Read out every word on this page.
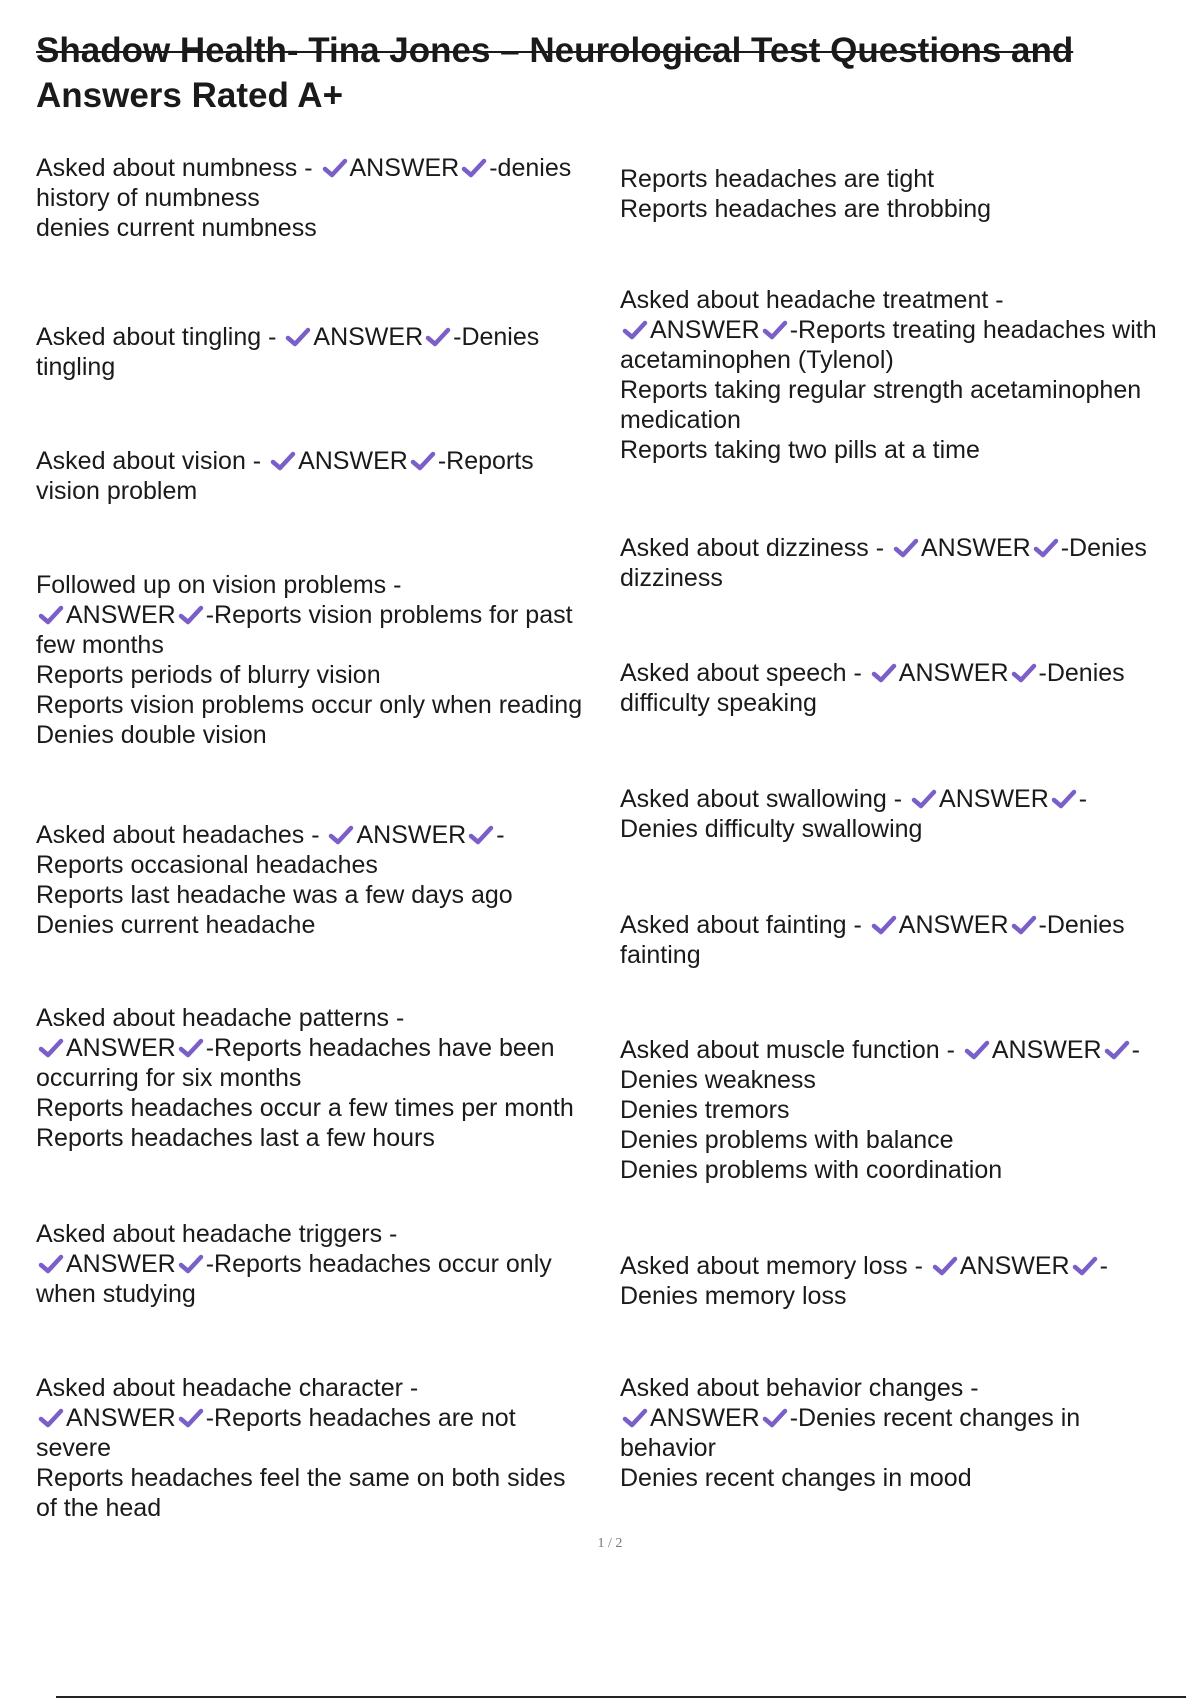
Shadow Health- Tina Jones – Neurological Test Questions and
Answers Rated A+
Asked about numbness -
ANSWER -denies
history of numbness
denies current numbness
Asked about tingling -
ANSWER -Denies
tingling
Asked about vision -
ANSWER -Reports
vision problem
Followed up on vision problems -
ANSWER -Reports vision problems for past
few months
Reports periods of blurry vision
Reports vision problems occur only when reading
Denies double vision
Asked about headaches -
ANSWER -
Reports occasional headaches
Reports last headache was a few days ago
Denies current headache
Asked about headache patterns -
ANSWER -Reports headaches have been
occurring for six months
Reports headaches occur a few times per month
Reports headaches last a few hours
Asked about headache triggers -
ANSWER -Reports headaches occur only
when studying
Asked about headache character -
ANSWER -Reports headaches are not
severe
Reports headaches feel the same on both sides
of the head
Reports headaches are tight
Reports headaches are throbbing
Asked about headache treatment -
ANSWER -Reports treating headaches with
acetaminophen (Tylenol)
Reports taking regular strength acetaminophen
medication
Reports taking two pills at a time
Asked about dizziness -
ANSWER -Denies
dizziness
Asked about speech -
ANSWER -Denies
difficulty speaking
Asked about swallowing -
ANSWER -
Denies difficulty swallowing
Asked about fainting -
ANSWER -Denies
fainting
Asked about muscle function -
ANSWER -
Denies weakness
Denies tremors
Denies problems with balance
Denies problems with coordination
Asked about memory loss -
ANSWER -
Denies memory loss
Asked about behavior changes -
ANSWER -Denies recent changes in
behavior
Denies recent changes in mood
1 / 2
